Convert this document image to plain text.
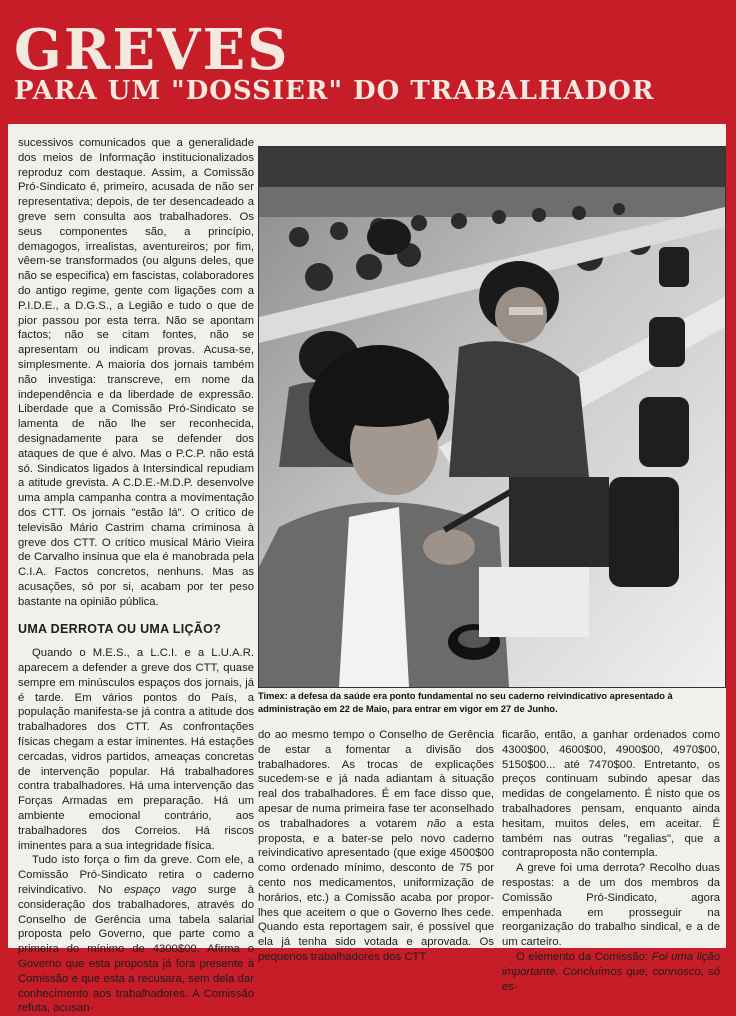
GREVES
PARA UM "DOSSIER" DO TRABALHADOR

sucessivos comunicados que a generalidade dos meios de Informação institucionalizados reproduz com destaque. Assim, a Comissão Pró-Sindicato é, primeiro, acusada de não ser representativa; depois, de ter desencadeado a greve sem consulta aos trabalhadores. Os seus componentes são, a princípio, demagogos, irrealistas, aventureiros; por fim, vêem-se transformados (ou alguns deles, que não se especifica) em fascistas, colaboradores do antigo regime, gente com ligações com a P.I.D.E., a D.G.S., a Legião e tudo o que de pior passou por esta terra. Não se apontam factos; não se citam fontes, não se apresentam ou indicam provas. Acusa-se, simplesmente. A maioria dos jornais também não investiga: transcreve, em nome da independência e da liberdade de expressão. Liberdade que a Comissão Pró-Sindicato se lamenta de não lhe ser reconhecida, designadamente para se defender dos ataques de que é alvo. Mas o P.C.P. não está só. Sindicatos ligados à Intersindical repudiam a atitude grevista. A C.D.E.-M.D.P. desenvolve uma ampla campanha contra a movimentação dos CTT. Os jornais "estão lá". O crítico de televisão Mário Castrim chama criminosa à greve dos CTT. O crítico musical Mário Vieira de Carvalho insinua que ela é manobrada pela C.I.A. Factos concretos, nenhuns. Mas as acusações, só por si, acabam por ter peso bastante na opinião pública.

UMA DERROTA OU UMA LIÇÃO?

Quando o M.E.S., a L.C.I. e a L.U.A.R. aparecem a defender a greve dos CTT, quase sempre em minúsculos espaços dos jornais, já é tarde. Em vários pontos do País, a população manifesta-se já contra a atitude dos trabalhadores dos CTT. As confrontações físicas chegam a estar iminentes. Há estações cercadas, vidros partidos, ameaças concretas de intervenção popular. Há trabalhadores contra trabalhadores. Há uma intervenção das Forças Armadas em preparação. Há um ambiente emocional contrário, aos trabalhadores dos Correios. Há riscos iminentes para a sua integridade física.

Tudo isto força o fim da greve. Com ele, a Comissão Pró-Sindicato retira o caderno reivindicativo. No espaço vago surge à consideração dos trabalhadores, através do Conselho de Gerência uma tabela salarial proposta pelo Governo, que parte como a primeira do mínimo de 4300$00. Afirma o Governo que esta proposta já fora presente à Comissão e que esta a recusara, sem dela dar conhecimento aos trabalhadores. A Comissão refuta, acusan-

Timex: a defesa da saúde era ponto fundamental no seu caderno reivindicativo apresentado à administração em 22 de Maio, para entrar em vigor em 27 de Junho.

do ao mesmo tempo o Conselho de Gerência de estar a fomentar a divisão dos trabalhadores. As trocas de explicações sucedem-se e já nada adiantam à situação real dos trabalhadores. É em face disso que, apesar de numa primeira fase ter aconselhado os trabalhadores a votarem não a esta proposta, e a bater-se pelo novo caderno reivindicativo apresentado (que exige 4500$00 como ordenado mínimo, desconto de 75 por cento nos medicamentos, uniformização de horários, etc.) a Comissão acaba por propor-lhes que aceitem o que o Governo lhes cede. Quando esta reportagem sair, é possível que ela já tenha sido votada e aprovada. Os pequenos trabalhadores dos CTT

ficarão, então, a ganhar ordenados como 4300$00, 4600$00, 4900$00, 4970$00, 5150$00... até 7470$00. Entretanto, os preços continuam subindo apesar das medidas de congelamento. É nisto que os trabalhadores pensam, enquanto ainda hesitam, muitos deles, em aceitar. É também nas outras "regalias", que a contraproposta não contempla.

A greve foi uma derrota? Recolho duas respostas: a de um dos membros da Comissão Pró-Sindicato, agora empenhada em prosseguir na reorganização do trabalho sindical, e a de um carteiro.

O elemento da Comissão: Foi uma lição importante. Concluímos que, connosco, só es-
